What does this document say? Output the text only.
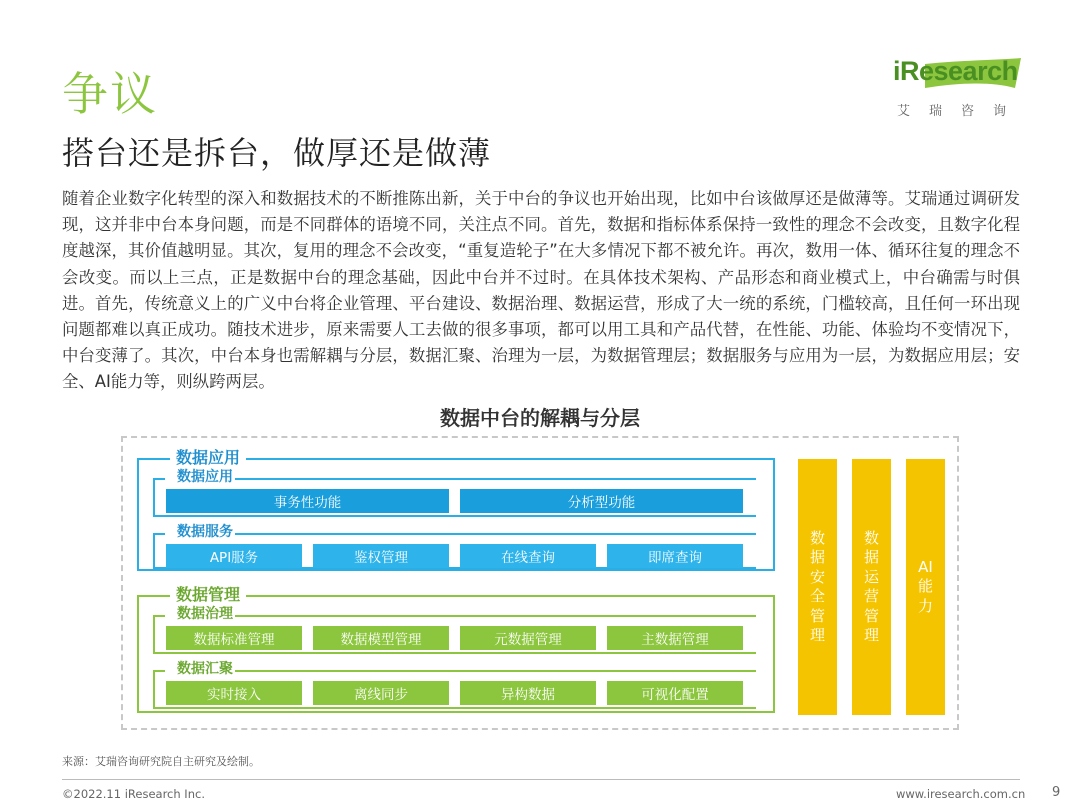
争议
搭台还是拆台，做厚还是做薄
iResearch
艾瑞咨询
随着企业数字化转型的深入和数据技术的不断推陈出新，关于中台的争议也开始出现，比如中台该做厚还是做薄等。艾瑞通过调研发现，这并非中台本身问题，而是不同群体的语境不同，关注点不同。首先，数据和指标体系保持一致性的理念不会改变，且数字化程度越深，其价值越明显。其次，复用的理念不会改变，“重复造轮子”在大多情况下都不被允许。再次，数用一体、循环往复的理念不会改变。而以上三点，正是数据中台的理念基础，因此中台并不过时。在具体技术架构、产品形态和商业模式上，中台确需与时俱进。首先，传统意义上的广义中台将企业管理、平台建设、数据治理、数据运营，形成了大一统的系统，门槛较高，且任何一环出现问题都难以真正成功。随技术进步，原来需要人工去做的很多事项，都可以用工具和产品代替，在性能、功能、体验均不变情况下，中台变薄了。其次，中台本身也需解耦与分层，数据汇聚、治理为一层，为数据管理层；数据服务与应用为一层，为数据应用层；安全、AI能力等，则纵跨两层。
数据中台的解耦与分层
数据应用
数据应用
事务性功能	分析型功能
数据服务
API服务	鉴权管理	在线查询	即席查询
数据管理
数据治理
数据标准管理	数据模型管理	元数据管理	主数据管理
数据汇聚
实时接入	离线同步	异构数据	可视化配置
数据安全管理
数据运营管理
AI能力
来源：艾瑞咨询研究院自主研究及绘制。
©2022.11 iResearch Inc.	www.iresearch.com.cn 9
